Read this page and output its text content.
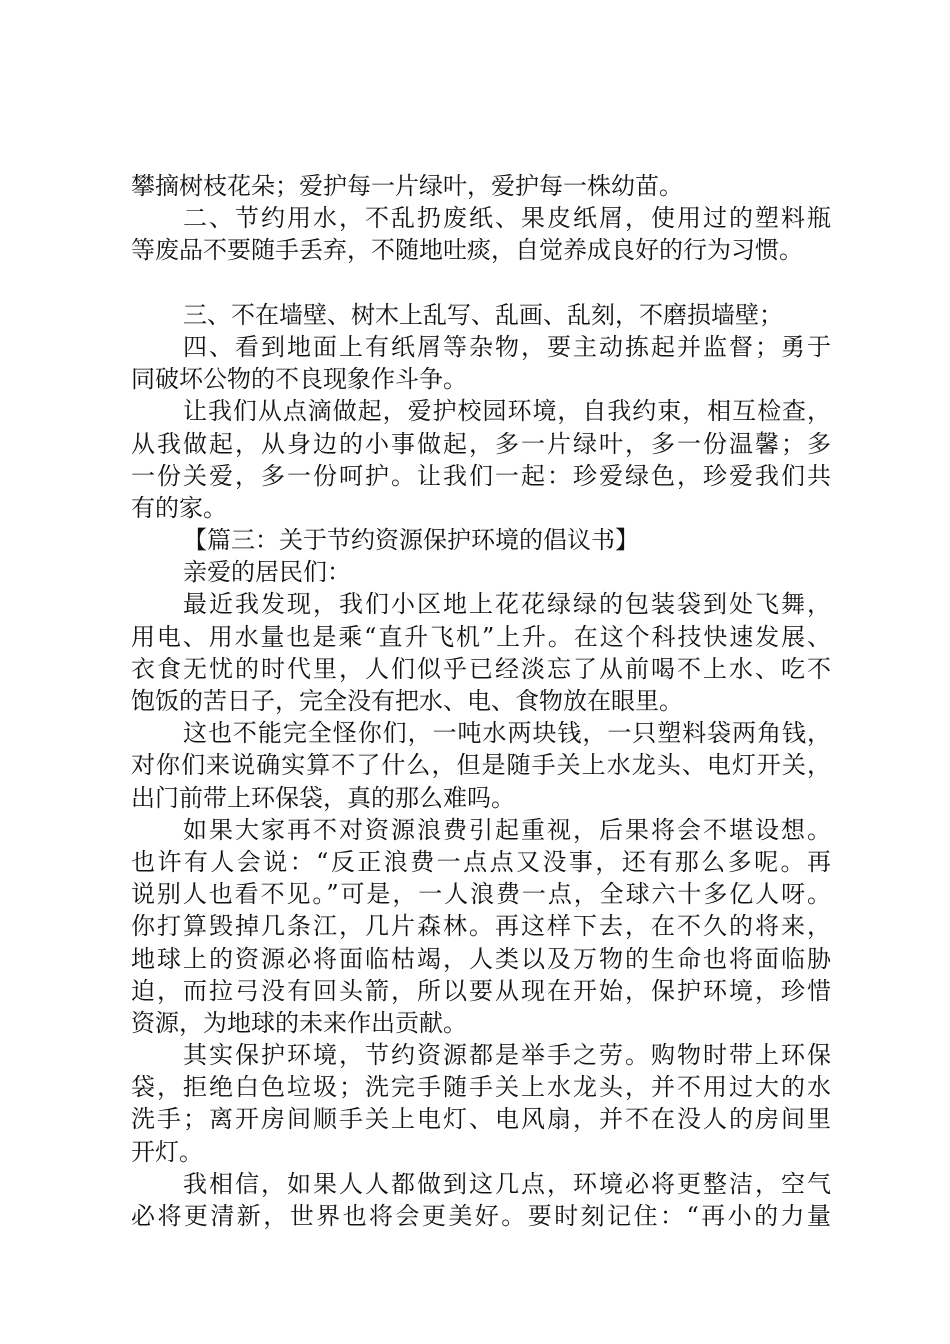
攀摘树枝花朵；爱护每一片绿叶，爱护每一株幼苗。
二、节约用水，不乱扔废纸、果皮纸屑，使用过的塑料瓶
等废品不要随手丢弃，不随地吐痰，自觉养成良好的行为习惯。
三、不在墙壁、树木上乱写、乱画、乱刻，不磨损墙壁；
四、看到地面上有纸屑等杂物，要主动拣起并监督；勇于
同破坏公物的不良现象作斗争。
让我们从点滴做起，爱护校园环境，自我约束，相互检查，
从我做起，从身边的小事做起，多一片绿叶，多一份温馨；多
一份关爱，多一份呵护。让我们一起：珍爱绿色，珍爱我们共
有的家。
【篇三：关于节约资源保护环境的倡议书】
亲爱的居民们：
最近我发现，我们小区地上花花绿绿的包装袋到处飞舞，
用电、用水量也是乘“直升飞机”上升。在这个科技快速发展、
衣食无忧的时代里，人们似乎已经淡忘了从前喝不上水、吃不
饱饭的苦日子，完全没有把水、电、食物放在眼里。
这也不能完全怪你们，一吨水两块钱，一只塑料袋两角钱，
对你们来说确实算不了什么，但是随手关上水龙头、电灯开关，
出门前带上环保袋，真的那么难吗。
如果大家再不对资源浪费引起重视，后果将会不堪设想。
也许有人会说：“反正浪费一点点又没事，还有那么多呢。再
说别人也看不见。”可是，一人浪费一点，全球六十多亿人呀。
你打算毁掉几条江，几片森林。再这样下去，在不久的将来，
地球上的资源必将面临枯竭，人类以及万物的生命也将面临胁
迫，而拉弓没有回头箭，所以要从现在开始，保护环境，珍惜
资源，为地球的未来作出贡献。
其实保护环境，节约资源都是举手之劳。购物时带上环保
袋，拒绝白色垃圾；洗完手随手关上水龙头，并不用过大的水
洗手；离开房间顺手关上电灯、电风扇，并不在没人的房间里
开灯。
我相信，如果人人都做到这几点，环境必将更整洁，空气
必将更清新，世界也将会更美好。要时刻记住：“再小的力量
